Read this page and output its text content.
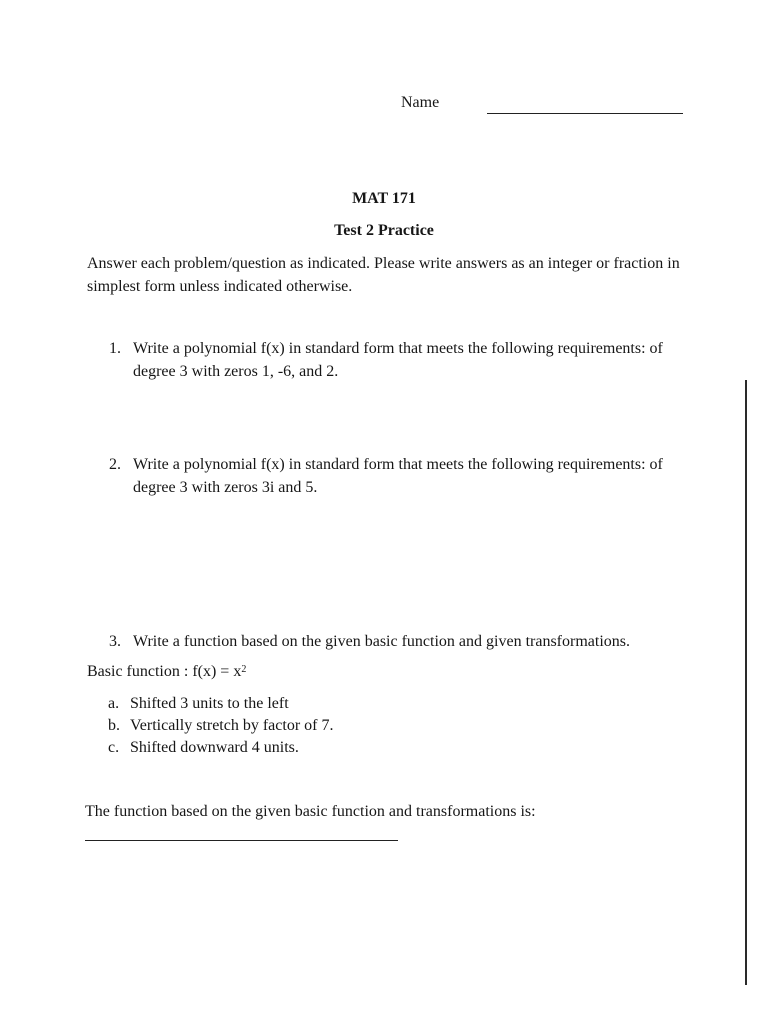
Name
MAT 171
Test 2 Practice
Answer each problem/question as indicated. Please write answers as an integer or fraction in simplest form unless indicated otherwise.
1. Write a polynomial f(x) in standard form that meets the following requirements: of degree 3 with zeros 1, -6, and 2.
2. Write a polynomial f(x) in standard form that meets the following requirements: of degree 3 with zeros 3i and 5.
3. Write a function based on the given basic function and given transformations.
Basic function : $f(x) = x^2$
a. Shifted 3 units to the left
b. Vertically stretch by factor of 7.
c. Shifted downward 4 units.
The function based on the given basic function and transformations is:
